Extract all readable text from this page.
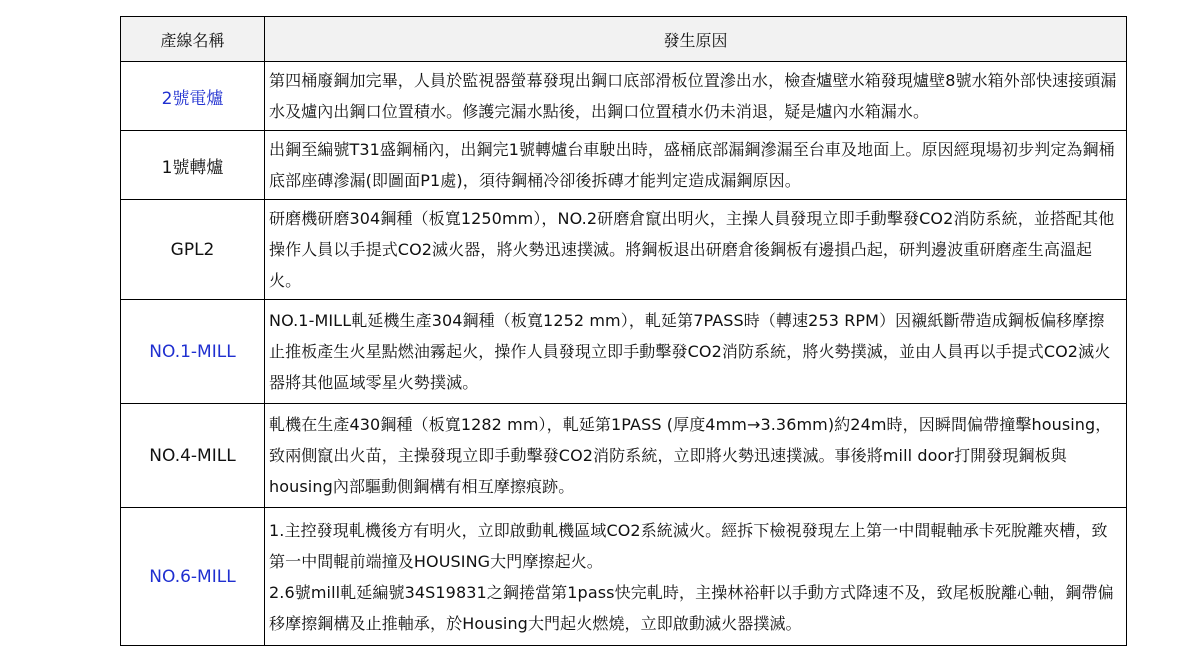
產線名稱	發生原因
2號電爐	第四桶廢鋼加完畢，人員於監視器螢幕發現出鋼口底部滑板位置滲出水，檢查爐壁水箱發現爐壁8號水箱外部快速接頭漏水及爐內出鋼口位置積水。修護完漏水點後，出鋼口位置積水仍未消退，疑是爐內水箱漏水。

1號轉爐	出鋼至編號T31盛鋼桶內，出鋼完1號轉爐台車駛出時，盛桶底部漏鋼滲漏至台車及地面上。原因經現場初步判定為鋼桶底部座磚滲漏(即圖面P1處)，須待鋼桶冷卻後拆磚才能判定造成漏鋼原因。

GPL2	研磨機研磨304鋼種（板寬1250mm），NO.2研磨倉竄出明火，主操人員發現立即手動擊發CO2消防系統，並搭配其他操作人員以手提式CO2滅火器，將火勢迅速撲滅。將鋼板退出研磨倉後鋼板有邊損凸起，研判邊波重研磨產生高溫起火。

NO.1-MILL	NO.1-MILL軋延機生產304鋼種（板寬1252 mm），軋延第7PASS時（轉速253 RPM）因襯紙斷帶造成鋼板偏移摩擦止推板產生火星點燃油霧起火，操作人員發現立即手動擊發CO2消防系統，將火勢撲滅，並由人員再以手提式CO2滅火器將其他區域零星火勢撲滅。

NO.4-MILL	軋機在生產430鋼種（板寬1282 mm），軋延第1PASS (厚度4mm→3.36mm)約24m時，因瞬間偏帶撞擊housing，致兩側竄出火苗，主操發現立即手動擊發CO2消防系統，立即將火勢迅速撲滅。事後將mill door打開發現鋼板與housing內部驅動側鋼構有相互摩擦痕跡。

NO.6-MILL	1.主控發現軋機後方有明火，立即啟動軋機區域CO2系統滅火。經拆下檢視發現左上第一中間輥軸承卡死脫離夾槽，致第一中間輥前端撞及HOUSING大門摩擦起火。
2.6號mill軋延編號34S19831之鋼捲當第1pass快完軋時，主操林裕軒以手動方式降速不及，致尾板脫離心軸，鋼帶偏移摩擦鋼構及止推軸承，於Housing大門起火燃燒，立即啟動滅火器撲滅。
